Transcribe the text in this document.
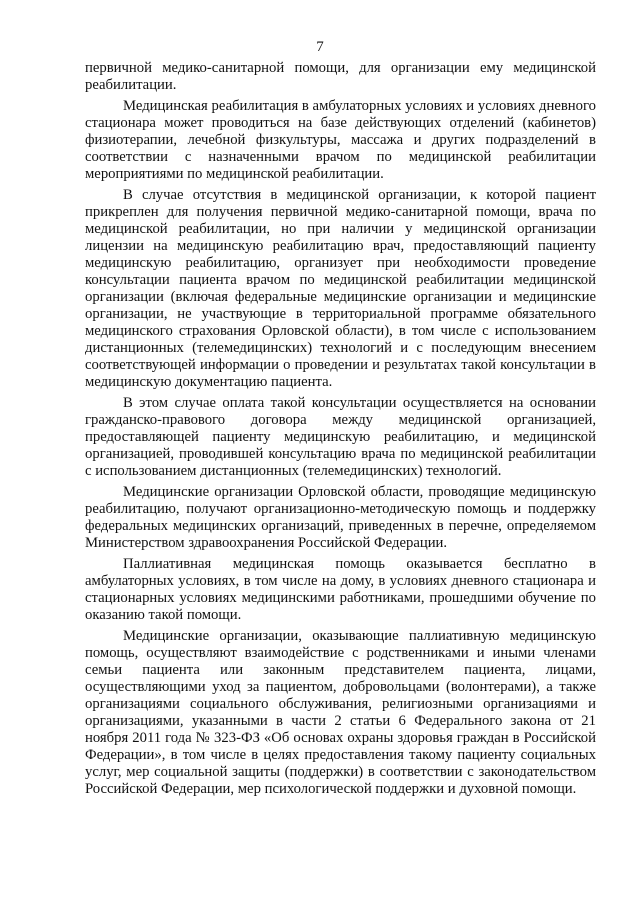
7

первичной медико-санитарной помощи, для организации ему медицинской реабилитации.

Медицинская реабилитация в амбулаторных условиях и условиях дневного стационара может проводиться на базе действующих отделений (кабинетов) физиотерапии, лечебной физкультуры, массажа и других подразделений в соответствии с назначенными врачом по медицинской реабилитации мероприятиями по медицинской реабилитации.

В случае отсутствия в медицинской организации, к которой пациент прикреплен для получения первичной медико-санитарной помощи, врача по медицинской реабилитации, но при наличии у медицинской организации лицензии на медицинскую реабилитацию врач, предоставляющий пациенту медицинскую реабилитацию, организует при необходимости проведение консультации пациента врачом по медицинской реабилитации медицинской организации (включая федеральные медицинские организации и медицинские организации, не участвующие в территориальной программе обязательного медицинского страхования Орловской области), в том числе с использованием дистанционных (телемедицинских) технологий и с последующим внесением соответствующей информации о проведении и результатах такой консультации в медицинскую документацию пациента.

В этом случае оплата такой консультации осуществляется на основании гражданско-правового договора между медицинской организацией, предоставляющей пациенту медицинскую реабилитацию, и медицинской организацией, проводившей консультацию врача по медицинской реабилитации с использованием дистанционных (телемедицинских) технологий.

Медицинские организации Орловской области, проводящие медицинскую реабилитацию, получают организационно-методическую помощь и поддержку федеральных медицинских организаций, приведенных в перечне, определяемом Министерством здравоохранения Российской Федерации.

Паллиативная медицинская помощь оказывается бесплатно в амбулаторных условиях, в том числе на дому, в условиях дневного стационара и стационарных условиях медицинскими работниками, прошедшими обучение по оказанию такой помощи.

Медицинские организации, оказывающие паллиативную медицинскую помощь, осуществляют взаимодействие с родственниками и иными членами семьи пациента или законным представителем пациента, лицами, осуществляющими уход за пациентом, добровольцами (волонтерами), а также организациями социального обслуживания, религиозными организациями и организациями, указанными в части 2 статьи 6 Федерального закона от 21 ноября 2011 года № 323-ФЗ «Об основах охраны здоровья граждан в Российской Федерации», в том числе в целях предоставления такому пациенту социальных услуг, мер социальной защиты (поддержки) в соответствии с законодательством Российской Федерации, мер психологической поддержки и духовной помощи.
